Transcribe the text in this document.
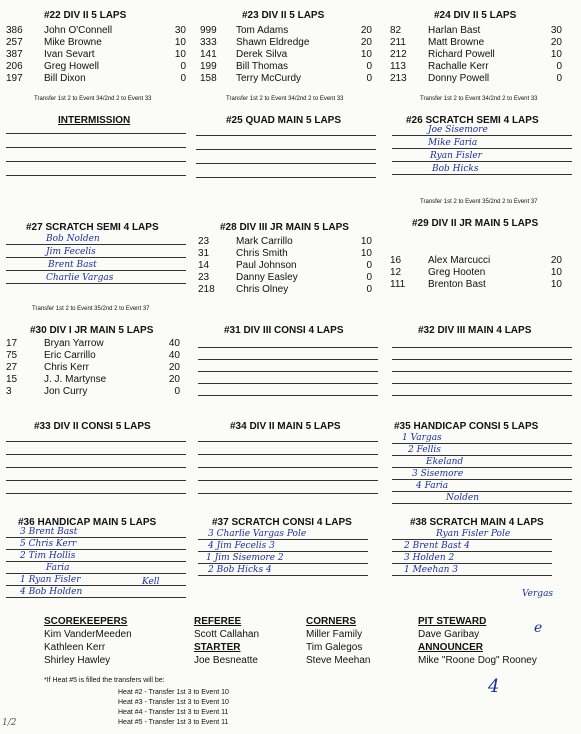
#22 DIV II 5 LAPS
386 John O'Connell	30
257 Mike Browne	10
387 Ivan Sevart	10
206 Greg Howell	0
197 Bill Dixon	0
Transfer 1st 2 to Event 34/2nd 2 to Event 33
#23 DIV II 5 LAPS
999 Tom Adams	20
333 Shawn Eldredge	20
141 Derek Silva	10
199 Bill Thomas	0
158 Terry McCurdy	0
Transfer 1st 2 to Event 34/2nd 2 to Event 33
#24 DIV II 5 LAPS
82	Harlan Bast	30
211 Matt Browne	20
212 Richard Powell	10
113 Rachalle Kerr	0
213 Donny Powell	0
Transfer 1st 2 to Event 34/2nd 2 to Event 33
INTERMISSION	#25 QUAD MAIN 5 LAPS	#26 SCRATCH SEMI 4 LAPS
Joe Sisemore
Mike Faria
Ryan Fisler
Bob Hicks
Transfer 1st 2 to Event 35/2nd 2 to Event 37
#27 SCRATCH SEMI 4 LAPS
Bob Nolden
Jim Fecelis
Brent Bast
Charlie Vargas
Transfer 1st 2 to Event 35/2nd 2 to Event 37
#28 DIV III JR MAIN 5 LAPS
23	Mark Carrillo	10
31	Chris Smith	10
14	Paul Johnson	0
23	Danny Easley	0
218 Chris Olney	0
#29 DIV II JR MAIN 5 LAPS
16	Alex Marcucci	20
12	Greg Hooten	10
111 Brenton Bast	10
#30 DIV I JR MAIN 5 LAPS
17	Bryan Yarrow	40
75	Eric Carrillo	40
27	Chris Kerr	20
15	J. J. Martynse	20
3	Jon Curry	0
#31 DIV III CONSI 4 LAPS	#32 DIV III MAIN 4 LAPS
#33 DIV II CONSI 5 LAPS	#34 DIV II MAIN 5 LAPS	#35 HANDICAP CONSI 5 LAPS
1 Vargas
2 Fellis
Ekeland
3 Sisemore
4 Faria
Nolden
#36 HANDICAP MAIN 5 LAPS
3 Brent Bast
5 Chris Kerr
2 Tim Hollis
Faria
1 Ryan Fisler	Kell
4 Bob Holden
#37 SCRATCH CONSI 4 LAPS
3 Charlie Vargas Pole
4 Jim Fecelis 3
1 Jim Sisemore 2
2 Bob Hicks 4
#38 SCRATCH MAIN 4 LAPS
Ryan Fisler Pole
2 Brent Bast 4
3 Holden 2
1 Meehan 3
Vergas
SCOREKEEPERS
Kim VanderMeeden
Kathleen Kerr
Shirley Hawley
REFEREE
Scott Callahan
STARTER
Joe Besneatte
CORNERS
Miller Family
Tim Galegos
Steve Meehan
PIT STEWARD
Dave Garibay
ANNOUNCER
Mike "Roone Dog" Rooney
*If Heat #5 is filled the transfers will be:
Heat #2 - Transfer 1st 3 to Event 10
Heat #3 - Transfer 1st 3 to Event 10
Heat #4 - Transfer 1st 3 to Event 11
Heat #5 - Transfer 1st 3 to Event 11
e
4
1/2
